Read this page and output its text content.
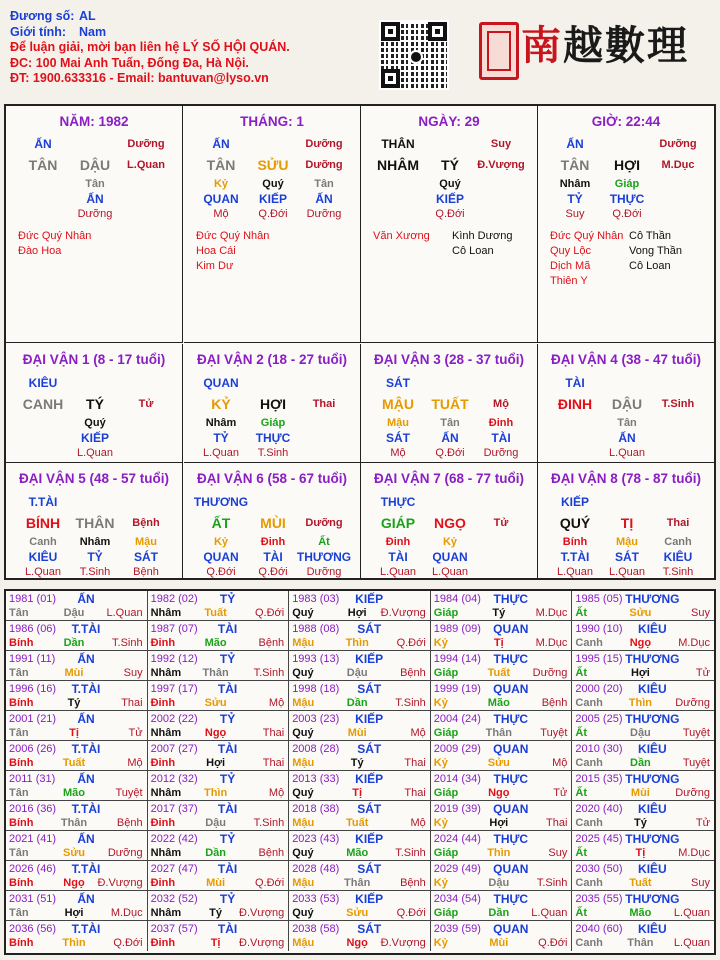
Đương số: AL
Giới tính: Nam
Để luận giải, mời bạn liên hệ LÝ SỐ HỘI QUÁN.
ĐC: 100 Mai Anh Tuấn, Đống Đa, Hà Nội.
ĐT: 1900.633316 - Email: bantuvan@lyso.vn
南越數理
NĂM: 1982
ẤN	Dưỡng
TÂN DẬU L.Quan
Tân
ẤN
Dưỡng
Đức Quý Nhân
Đào Hoa
THÁNG: 1
ẤN	Dưỡng
TÂN SỬU Dưỡng
Kỷ
QUAN
Mộ
Quý
KIẾP
Q.Đới
Tân
ẤN
Dưỡng
Đức Quý Nhân
Hoa Cái
Kim Dư
NGÀY: 29
THÂN	Suy
NHÂM TÝ Đ.Vượng
Quý
KIẾP
Q.Đới
Văn Xương Kình Dương
Cô Loan
GIỜ: 22:44
ẤN	Dưỡng
TÂN HỢI M.Dục
Nhâm
TỶ
Suy
Giáp
THỰC
Q.Đới
Đức Quý Nhân
Quy Lộc
Dịch Mã
Thiên Y
Cô Thần
Vong Thần
Cô Loan
ĐẠI VẬN 1 (8 - 17 tuổi)
KIÊU
CANH TÝ	Tử
Quý
KIẾP
L.Quan
ĐẠI VẬN 2 (18 - 27 tuổi)
QUAN
KỶ HỢI Thai
Nhâm
TỶ
L.Quan
Giáp
THỰC
T.Sinh
ĐẠI VẬN 3 (28 - 37 tuổi)
SÁT
MẬU TUẤT Mộ
Mậu
SÁT
Mộ
Tân
ẤN
Q.Đới
Đinh
TÀI
Dưỡng
ĐẠI VẬN 4 (38 - 47 tuổi)
TÀI
ĐINH DẬU T.Sinh
Tân
ẤN
L.Quan
ĐẠI VẬN 5 (48 - 57 tuổi)
T.TÀI
BÍNH THÂN Bệnh
Canh
KIÊU
L.Quan
Nhâm
TỶ
T.Sinh
Mậu
SÁT
Bệnh
ĐẠI VẬN 6 (58 - 67 tuổi)
THƯƠNG
ẤT MÙI Dưỡng
Kỷ
QUAN
Q.Đới
Đinh
TÀI
Q.Đới
Ất
THƯƠNG
Dưỡng
ĐẠI VẬN 7 (68 - 77 tuổi)
THỰC
GIÁP NGỌ	Tử
Đinh
TÀI
L.Quan
Kỷ
QUAN
L.Quan
ĐẠI VẬN 8 (78 - 87 tuổi)
KIẾP
QUÝ TỊ	Thai
Bính
T.TÀI
L.Quan
Mậu
SÁT
L.Quan
Canh
KIÊU
T.Sinh
1981 (01) ẤN
Tân	Dậu L.Quan
1982 (02) TỶ
Nhâm Tuất	Q.Đới
1983 (03) KIẾP
Quý	Hợi Đ.Vượng
1984 (04) THỰC
Giáp	Tý	M.Dục
1985 (05) THƯƠNG
Ất	Sửu	Suy
1986 (06) T.TÀI
Bính	Dần	T.Sinh
1987 (07) TÀI
Đinh	Mão	Bệnh
1988 (08) SÁT
Mậu	Thìn	Q.Đới
1989 (09) QUAN
Kỷ	Tị	M.Dục
1990 (10) KIÊU
Canh Ngọ M.Dục
1991 (11) ẤN
Tân	Mùi	Suy
1992 (12) TỶ
Nhâm Thân T.Sinh
1993 (13) KIẾP
Quý	Dậu	Bệnh
1994 (14) THỰC
Giáp	Tuất Dưỡng
1995 (15) THƯƠNG
Ất	Hợi	Tử
1996 (16) T.TÀI
Bính	Tý	Thai
1997 (17) TÀI
Đinh	Sửu	Mộ
1998 (18) SÁT
Mậu	Dần	T.Sinh
1999 (19) QUAN
Kỷ	Mão	Bệnh
2000 (20) KIÊU
Canh Thìn Dưỡng
2001 (21) ẤN
Tân	Tị	Tử
2002 (22) TỶ
Nhâm Ngọ	Thai
2003 (23) KIẾP
Quý	Mùi	Mộ
2004 (24) THỰC
Giáp Thân	Tuyệt
2005 (25) THƯƠNG
Ất	Dậu	Tuyệt
2006 (26) T.TÀI
Bính	Tuất	Mộ
2007 (27) TÀI
Đinh	Hợi	Thai
2008 (28) SÁT
Mậu	Tý	Thai
2009 (29) QUAN
Kỷ	Sửu	Mộ
2010 (30) KIÊU
Canh Dần	Tuyệt
2011 (31) ẤN
Tân	Mão	Tuyệt
2012 (32) TỶ
Nhâm Thìn	Mộ
2013 (33) KIẾP
Quý	Tị	Thai
2014 (34) THỰC
Giáp	Ngọ	Tử
2015 (35) THƯƠNG
Ất	Mùi Dưỡng
2016 (36) T.TÀI
Bính Thân	Bệnh
2017 (37) TÀI
Đinh	Dậu	T.Sinh
2018 (38) SÁT
Mậu	Tuất	Mộ
2019 (39) QUAN
Kỷ	Hợi	Thai
2020 (40) KIÊU
Canh	Tý	Tử
2021 (41) ẤN
Tân	Sửu Dưỡng
2022 (42) TỶ
Nhâm Dần	Bệnh
2023 (43) KIẾP
Quý	Mão T.Sinh
2024 (44) THỰC
Giáp	Thìn	Suy
2025 (45) THƯƠNG
Ất	Tị	M.Dục
2026 (46) T.TÀI
Bính	Ngọ Đ.Vượng
2027 (47) TÀI
Đinh	Mùi	Q.Đới
2028 (48) SÁT
Mậu	Thân	Bệnh
2029 (49) QUAN
Kỷ	Dậu	T.Sinh
2030 (50) KIÊU
Canh Tuất	Suy
2031 (51) ẤN
Tân	Hợi M.Dục
2032 (52) TỶ
Nhâm	Tý Đ.Vượng
2033 (53) KIẾP
Quý	Sửu	Q.Đới
2034 (54) THỰC
Giáp	Dần L.Quan
2035 (55) THƯƠNG
Ất	Mão L.Quan
2036 (56) T.TÀI
Bính	Thìn	Q.Đới
2037 (57) TÀI
Đinh	Tị Đ.Vượng
2038 (58) SÁT
Mậu	Ngọ Đ.Vượng
2039 (59) QUAN
Kỷ	Mùi	Q.Đới
2040 (60) KIÊU
Canh Thân L.Quan
